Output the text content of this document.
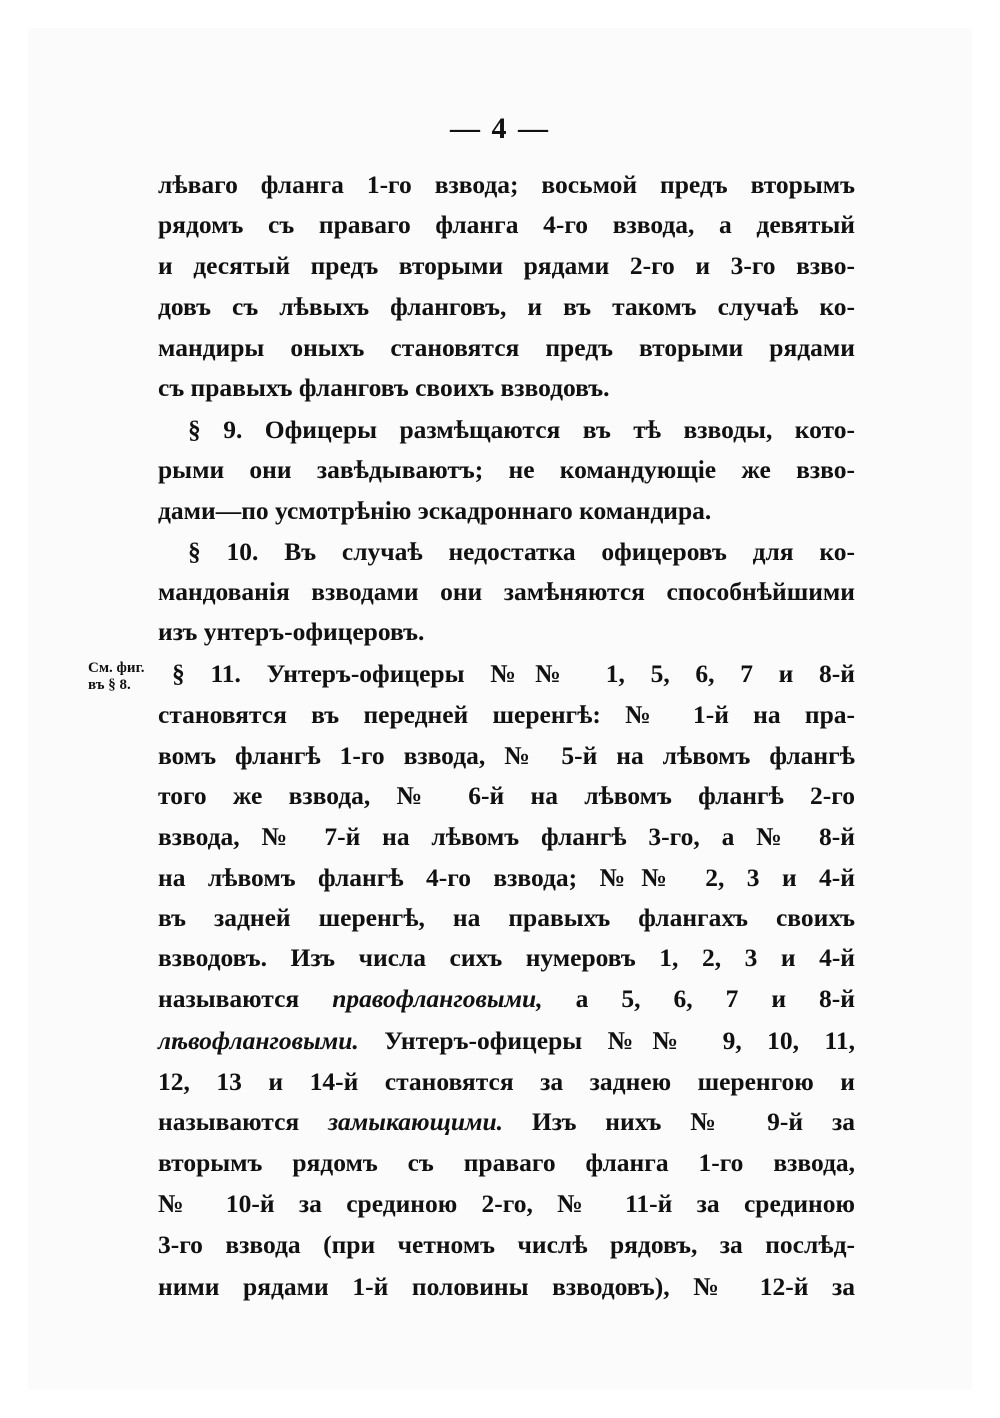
— 4 —
См. фиг.
въ § 8.
лѣваго фланга 1-го взвода; восьмой предъ вторымъ
рядомъ съ праваго фланга 4-го взвода, а девятый
и десятый предъ вторыми рядами 2-го и 3-го взво-
довъ съ лѣвыхъ фланговъ, и въ такомъ случаѣ ко-
мандиры оныхъ становятся предъ вторыми рядами
съ правыхъ фланговъ своихъ взводовъ.
§ 9. Офицеры размѣщаются въ тѣ взводы, кото-
рыми они завѣдываютъ; не командующіе же взво-
дами—по усмотрѣнію эскадроннаго командира.
§ 10. Въ случаѣ недостатка офицеровъ для ко-
мандованія взводами они замѣняются способнѣйшими
изъ унтеръ-офицеровъ.
§ 11. Унтеръ-офицеры №№ 1, 5, 6, 7 и 8-й
становятся въ передней шеренгѣ: № 1-й на пра-
вомъ флангѣ 1-го взвода, № 5-й на лѣвомъ флангѣ
того же взвода, № 6-й на лѣвомъ флангѣ 2-го
взвода, № 7-й на лѣвомъ флангѣ 3-го, а № 8-й
на лѣвомъ флангѣ 4-го взвода; №№ 2, 3 и 4-й
въ задней шеренгѣ, на правыхъ флангахъ своихъ
взводовъ. Изъ числа сихъ нумеровъ 1, 2, 3 и 4-й
называются правофланговыми, а 5, 6, 7 и 8-й
лѣвофланговыми. Унтеръ-офицеры №№ 9, 10, 11,
12, 13 и 14-й становятся за заднею шеренгою и
называются замыкающими. Изъ нихъ № 9-й за
вторымъ рядомъ съ праваго фланга 1-го взвода,
№ 10-й за срединою 2-го, № 11-й за срединою
3-го взвода (при четномъ числѣ рядовъ, за послѣд-
ними рядами 1-й половины взводовъ), № 12-й за
